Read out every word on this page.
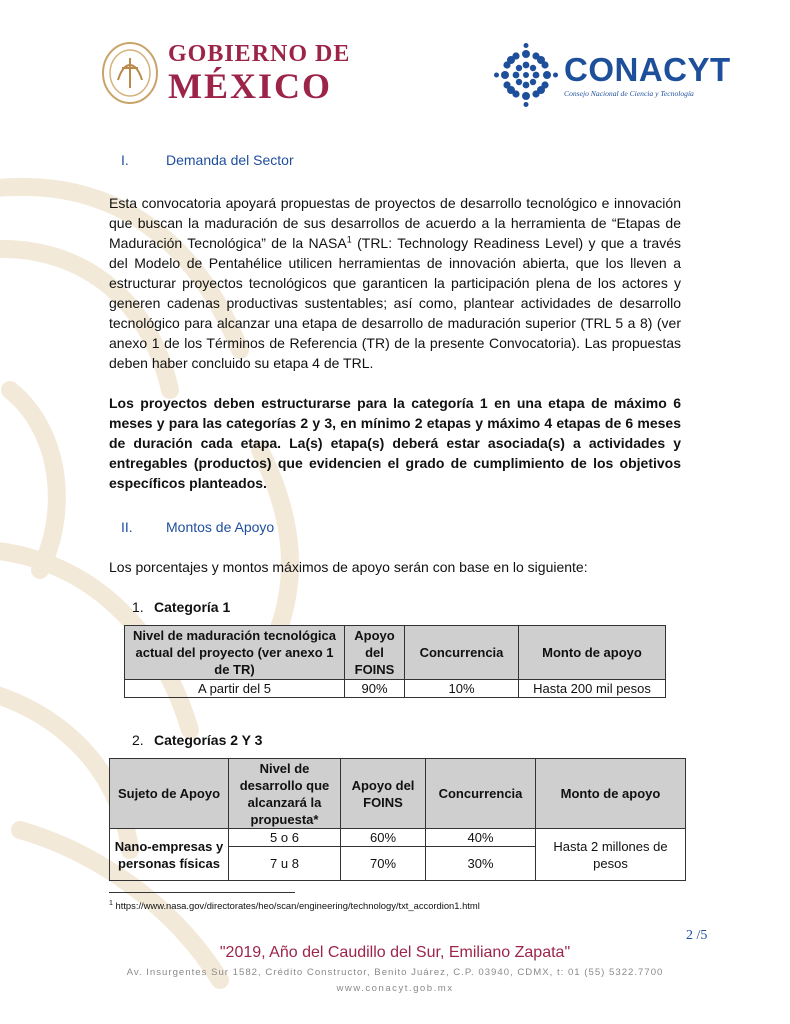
GOBIERNO DE
MÉXICO	CONACYT
Consejo Nacional de Ciencia y Tecnología
I.	Demanda del Sector

Esta convocatoria apoyará propuestas de proyectos de desarrollo tecnológico e innovación que buscan la maduración de sus desarrollos de acuerdo a la herramienta de “Etapas de Maduración Tecnológica” de la NASA$^1$ (TRL: Technology Readiness Level) y que a través del Modelo de Pentahélice utilicen herramientas de innovación abierta, que los lleven a estructurar proyectos tecnológicos que garanticen la participación plena de los actores y generen cadenas productivas sustentables; así como, plantear actividades de desarrollo tecnológico para alcanzar una etapa de desarrollo de maduración superior (TRL 5 a 8) (ver anexo 1 de los Términos de Referencia (TR) de la presente Convocatoria). Las propuestas deben haber concluido su etapa 4 de TRL.

Los proyectos deben estructurarse para la categoría 1 en una etapa de máximo 6 meses y para las categorías 2 y 3, en mínimo 2 etapas y máximo 4 etapas de 6 meses de duración cada etapa. La(s) etapa(s) deberá estar asociada(s) a actividades y entregables (productos) que evidencien el grado de cumplimiento de los objetivos específicos planteados.

II.	Montos de Apoyo

Los porcentajes y montos máximos de apoyo serán con base en lo siguiente:

1. Categoría 1
Nivel de maduración tecnológica actual del proyecto (ver anexo 1 de TR)	Apoyo del FOINS	Concurrencia	Monto de apoyo
A partir del 5	90%	10%	Hasta 200 mil pesos
2. Categorías 2 Y 3
Sujeto de Apoyo	Nivel de desarrollo que alcanzará la propuesta*	Apoyo del FOINS	Concurrencia	Monto de apoyo
Nano-empresas y personas físicas	5 o 6	60%	40%	Hasta 2 millones de pesos
	7 u 8	70%	30%	
$^1$ https://www.nasa.gov/directorates/heo/scan/engineering/technology/txt_accordion1.html
2 /5
"2019, Año del Caudillo del Sur, Emiliano Zapata"
Av. Insurgentes Sur 1582, Crédito Constructor, Benito Juárez, C.P. 03940, CDMX, t: 01 (55) 5322.7700
www.conacyt.gob.mx
